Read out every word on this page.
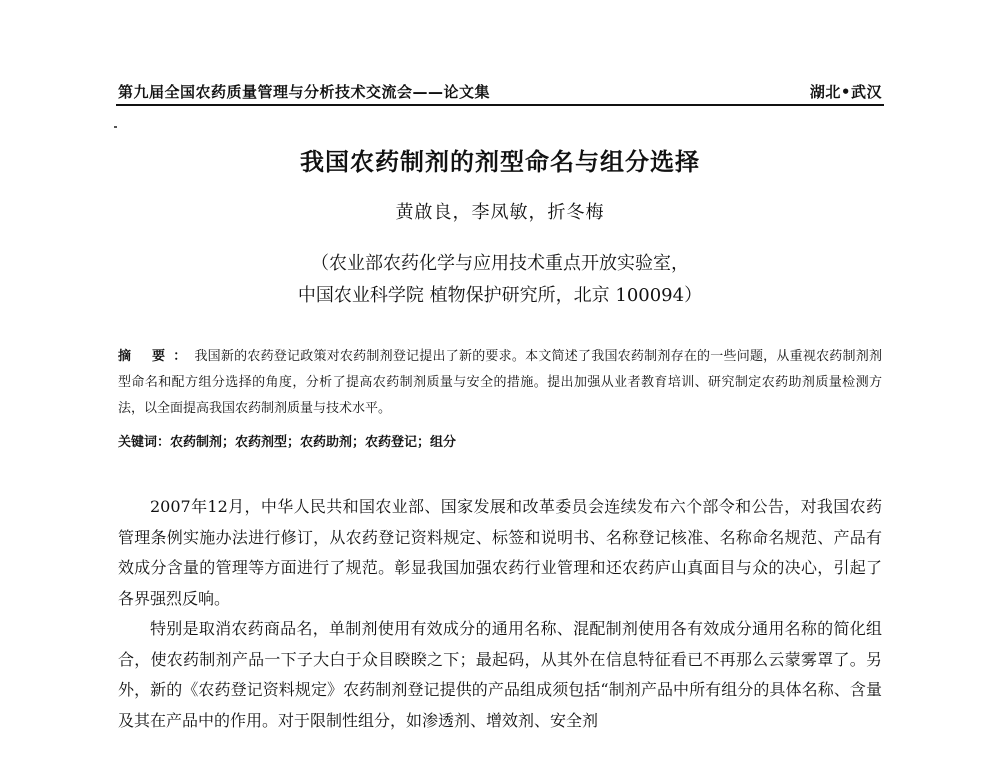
第九届全国农药质量管理与分析技术交流会——论文集	湖北•武汉
我国农药制剂的剂型命名与组分选择
黄啟良，李凤敏，折冬梅
（农业部农药化学与应用技术重点开放实验室，
中国农业科学院 植物保护研究所，北京 100094）
摘 要：我国新的农药登记政策对农药制剂登记提出了新的要求。本文简述了我国农药制剂存在的一些问题，从重视农药制剂剂型命名和配方组分选择的角度，分析了提高农药制剂质量与安全的措施。提出加强从业者教育培训、研究制定农药助剂质量检测方法，以全面提高我国农药制剂质量与技术水平。
关键词：农药制剂；农药剂型；农药助剂；农药登记；组分

2007年12月，中华人民共和国农业部、国家发展和改革委员会连续发布六个部令和公告，对我国农药管理条例实施办法进行修订，从农药登记资料规定、标签和说明书、名称登记核准、名称命名规范、产品有效成分含量的管理等方面进行了规范。彰显我国加强农药行业管理和还农药庐山真面目与众的决心，引起了各界强烈反响。

特别是取消农药商品名，单制剂使用有效成分的通用名称、混配制剂使用各有效成分通用名称的简化组合，使农药制剂产品一下子大白于众目睽睽之下；最起码，从其外在信息特征看已不再那么云蒙雾罩了。另外，新的《农药登记资料规定》农药制剂登记提供的产品组成须包括“制剂产品中所有组分的具体名称、含量及其在产品中的作用。对于限制性组分，如渗透剂、增效剂、安全剂
